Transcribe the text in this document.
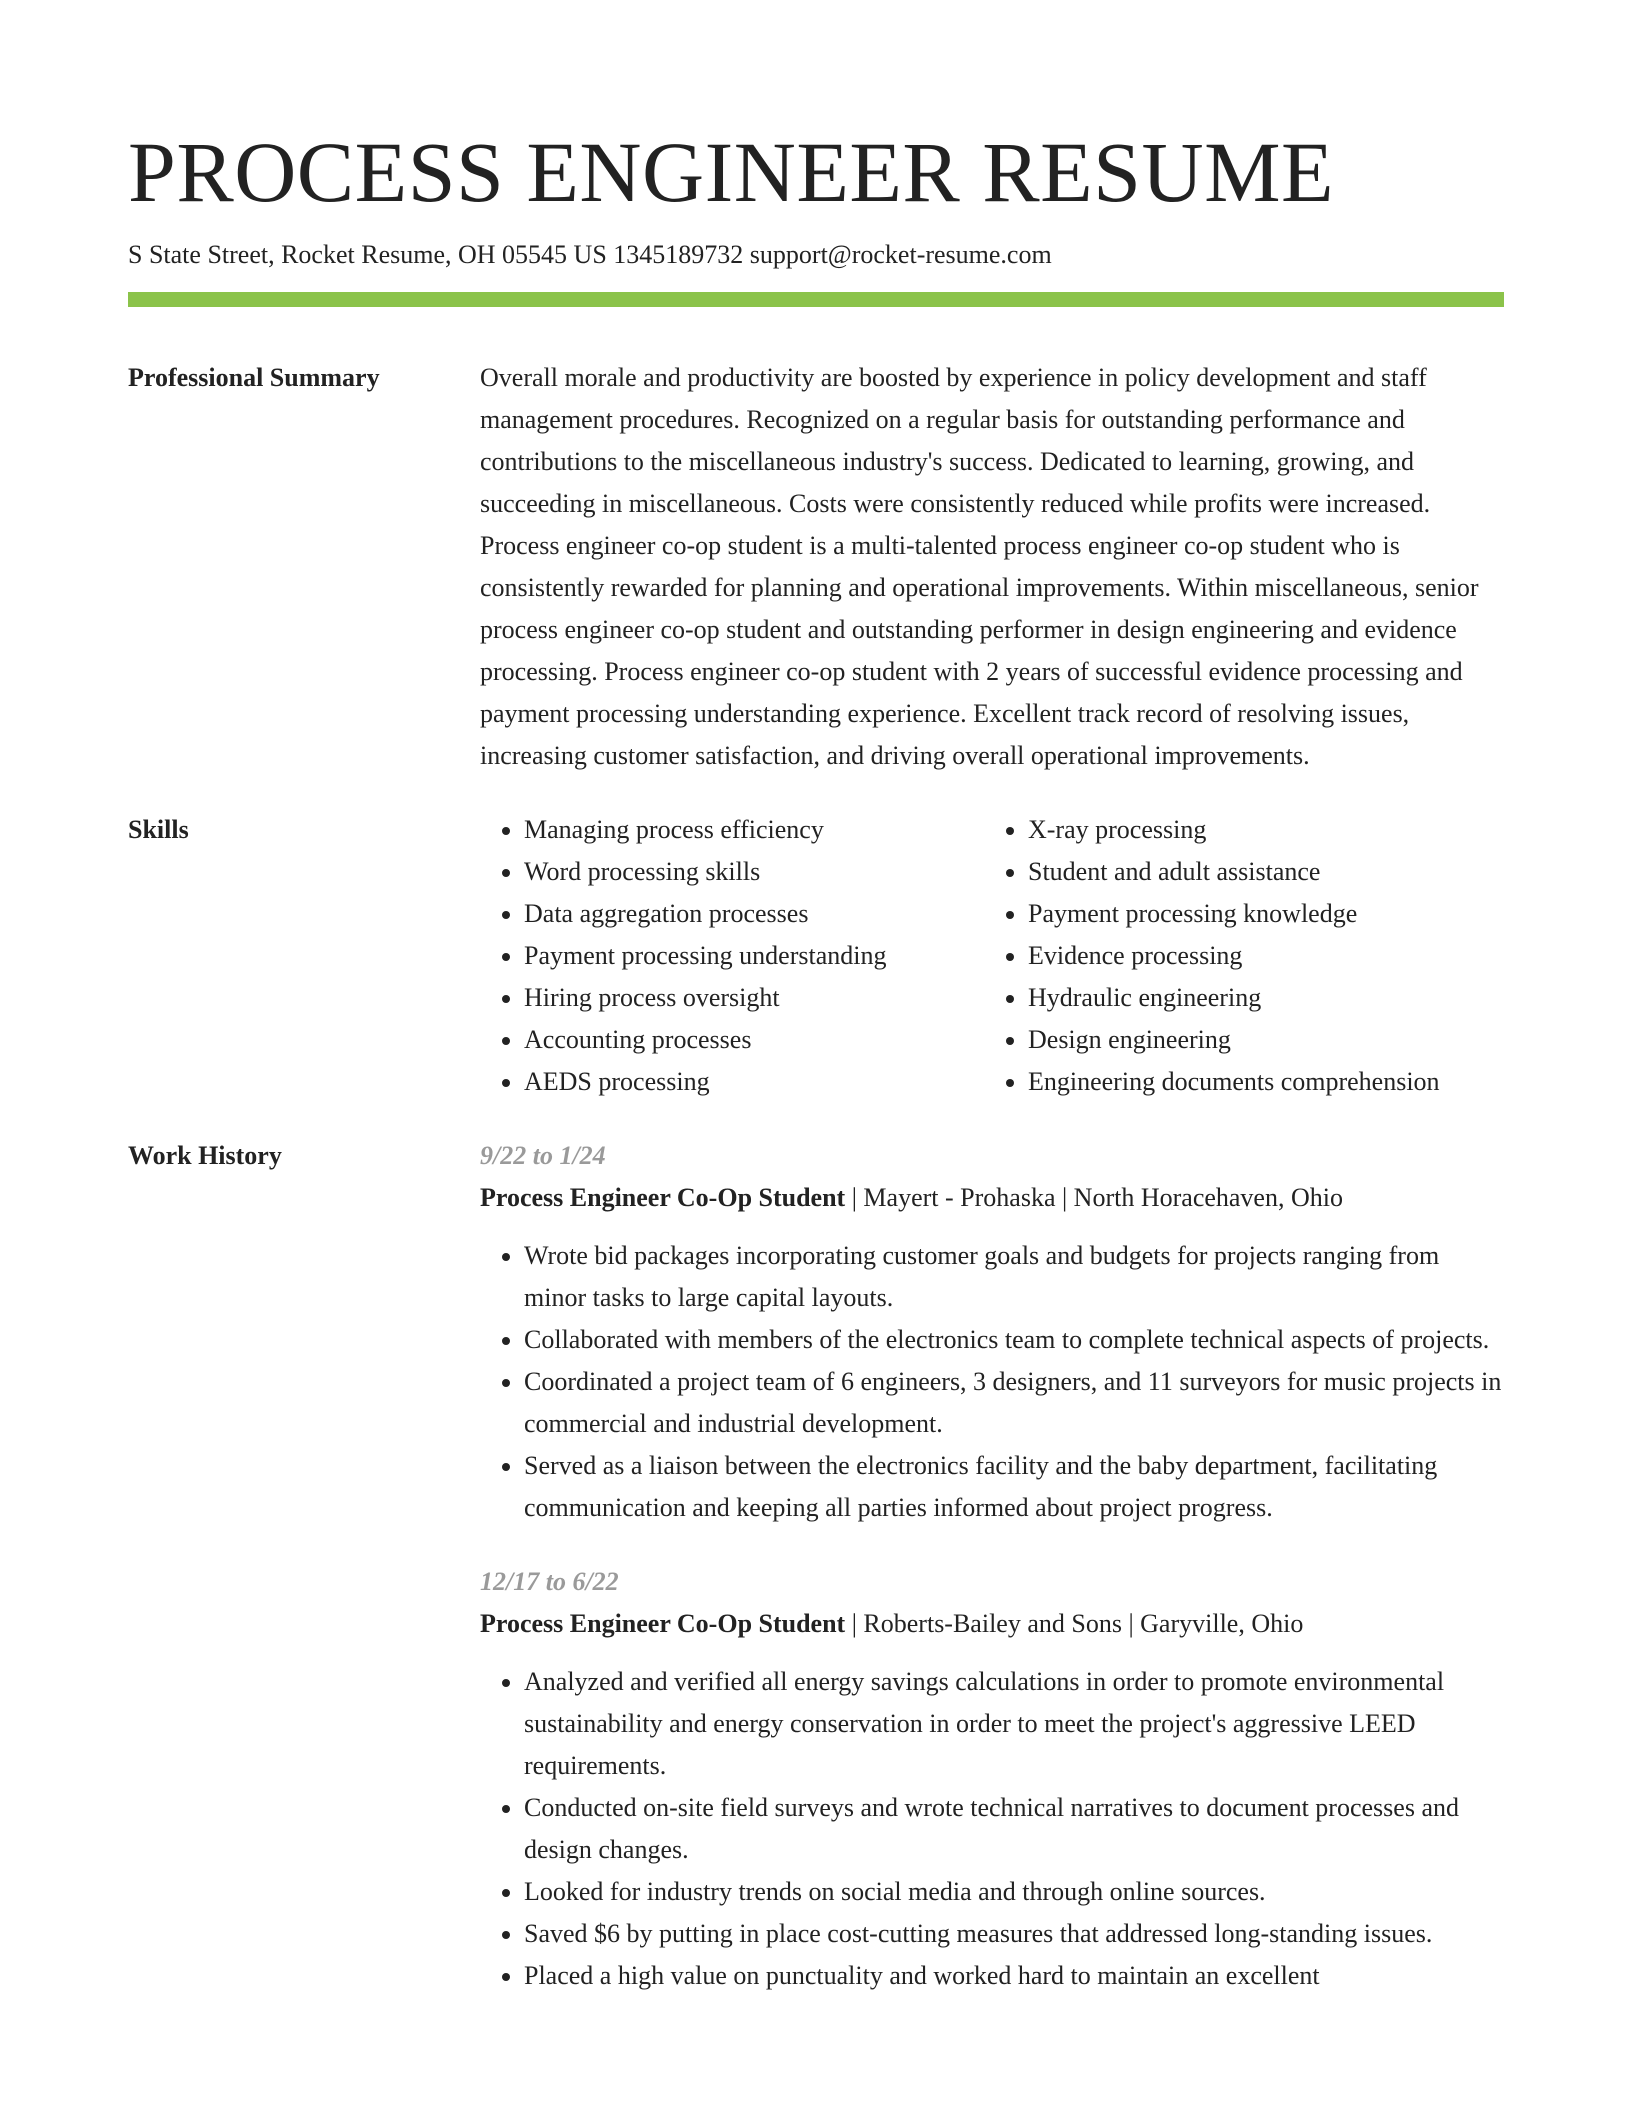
PROCESS ENGINEER RESUME
S State Street, Rocket Resume, OH 05545 US 1345189732 support@rocket-resume.com
Professional Summary	Overall morale and productivity are boosted by experience in policy development and staff management procedures. Recognized on a regular basis for outstanding performance and contributions to the miscellaneous industry's success. Dedicated to learning, growing, and succeeding in miscellaneous. Costs were consistently reduced while profits were increased. Process engineer co-op student is a multi-talented process engineer co-op student who is consistently rewarded for planning and operational improvements. Within miscellaneous, senior process engineer co-op student and outstanding performer in design engineering and evidence processing. Process engineer co-op student with 2 years of successful evidence processing and payment processing understanding experience. Excellent track record of resolving issues, increasing customer satisfaction, and driving overall operational improvements.

Skills
•	Managing process efficiency
• Word processing skills
• Data aggregation processes
• Payment processing understanding
• Hiring process oversight
• Accounting processes
• AEDS processing
• X-ray processing
• Student and adult assistance
• Payment processing knowledge
• Evidence processing
• Hydraulic engineering
• Design engineering
• Engineering documents comprehension
Work History	9/22 to 1/24
Process Engineer Co-Op Student | Mayert - Prohaska | North Horacehaven, Ohio
• Wrote bid packages incorporating customer goals and budgets for projects ranging from minor tasks to large capital layouts.
• Collaborated with members of the electronics team to complete technical aspects of projects.
• Coordinated a project team of 6 engineers, 3 designers, and 11 surveyors for music projects in commercial and industrial development.
• Served as a liaison between the electronics facility and the baby department, facilitating communication and keeping all parties informed about project progress.
12/17 to 6/22
Process Engineer Co-Op Student | Roberts-Bailey and Sons | Garyville, Ohio
• Analyzed and verified all energy savings calculations in order to promote environmental sustainability and energy conservation in order to meet the project's aggressive LEED requirements.
• Conducted on-site field surveys and wrote technical narratives to document processes and design changes.
• Looked for industry trends on social media and through online sources.
• Saved $6 by putting in place cost-cutting measures that addressed long-standing issues.
• Placed a high value on punctuality and worked hard to maintain an excellent
